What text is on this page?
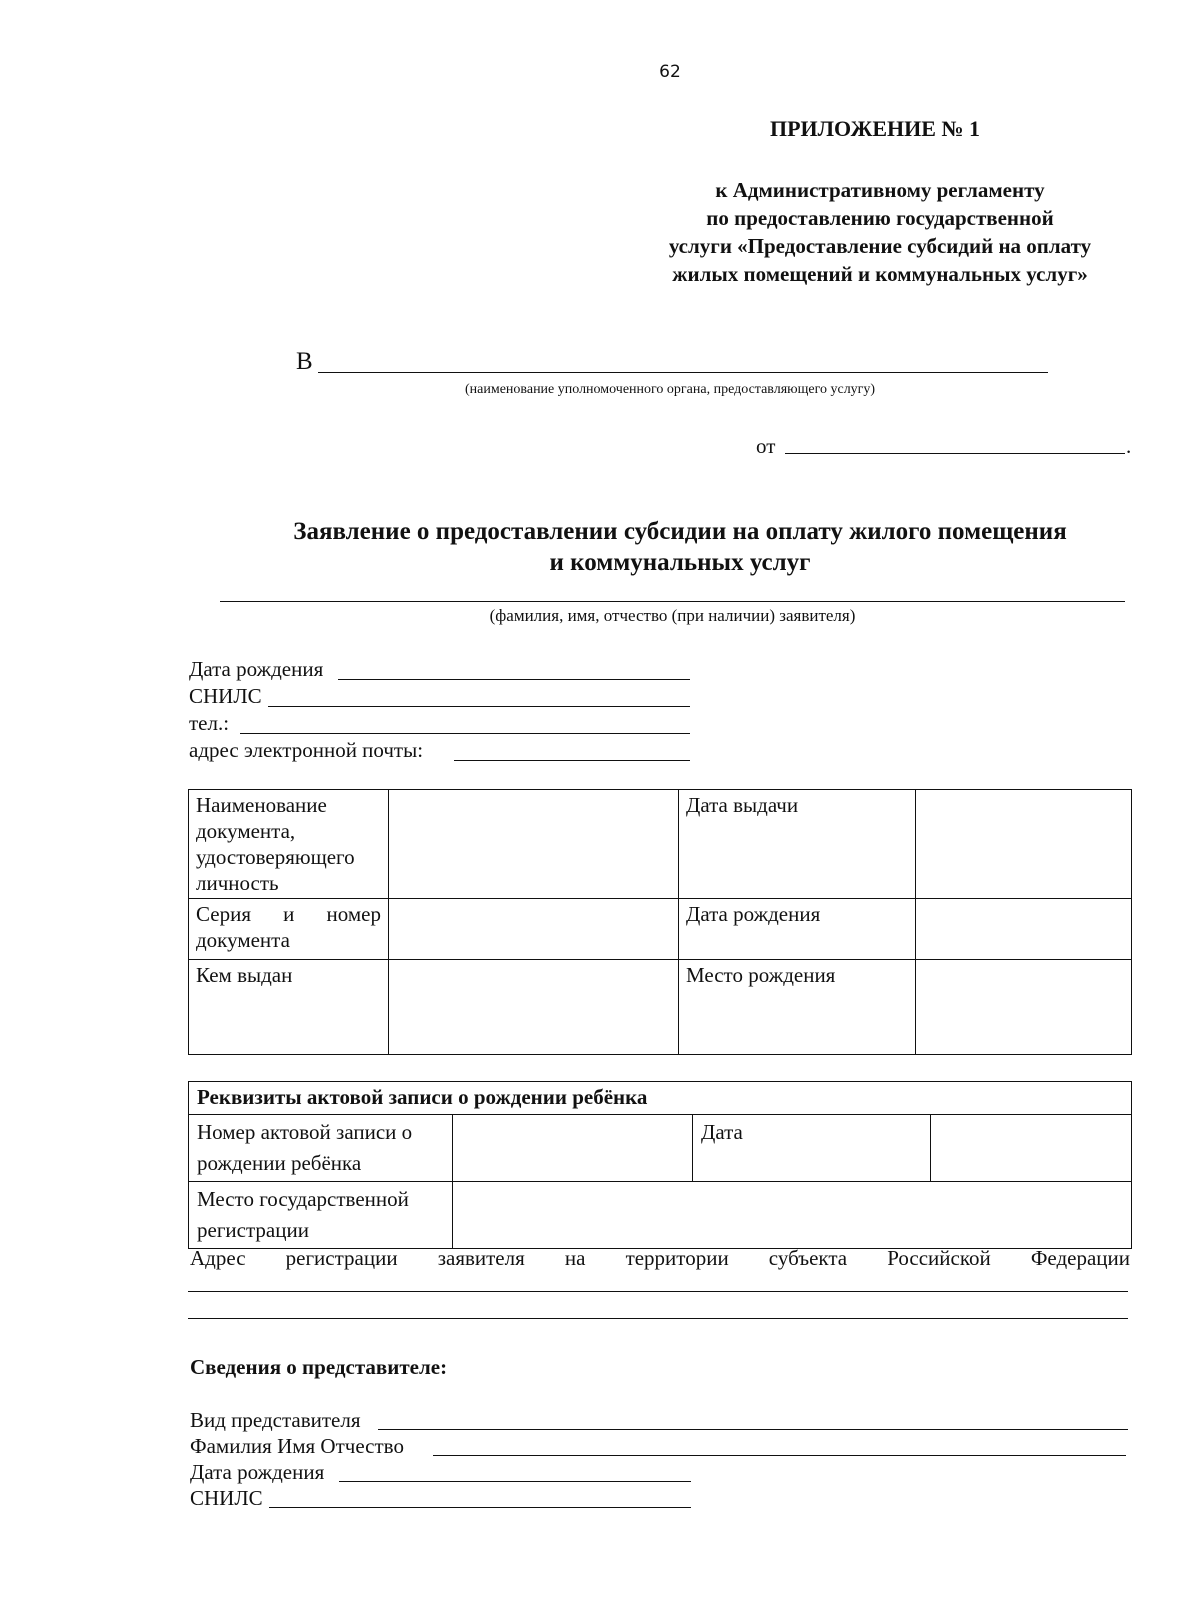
62
ПРИЛОЖЕНИЕ № 1
к Административному регламенту
по предоставлению государственной
услуги «Предоставление субсидий на оплату
жилых помещений и коммунальных услуг»
В
(наименование уполномоченного органа, предоставляющего услугу)
от	.
Заявление о предоставлении субсидии на оплату жилого помещения
и коммунальных услуг
(фамилия, имя, отчество (при наличии) заявителя)
Дата рождения
СНИЛС
тел.:
адрес электронной почты:
Наименование документа, удостоверяющего личность		Дата выдачи	
Серия и номер документа		Дата рождения	
Кем выдан		Место рождения	
Реквизиты актовой записи о рождении ребёнка			
Номер актовой записи о рождении ребёнка		Дата	
Место государственной регистрации			
Адрес регистрации заявителя на территории субъекта Российской Федерации
Сведения о представителе:
Вид представителя
Фамилия Имя Отчество
Дата рождения
СНИЛС
